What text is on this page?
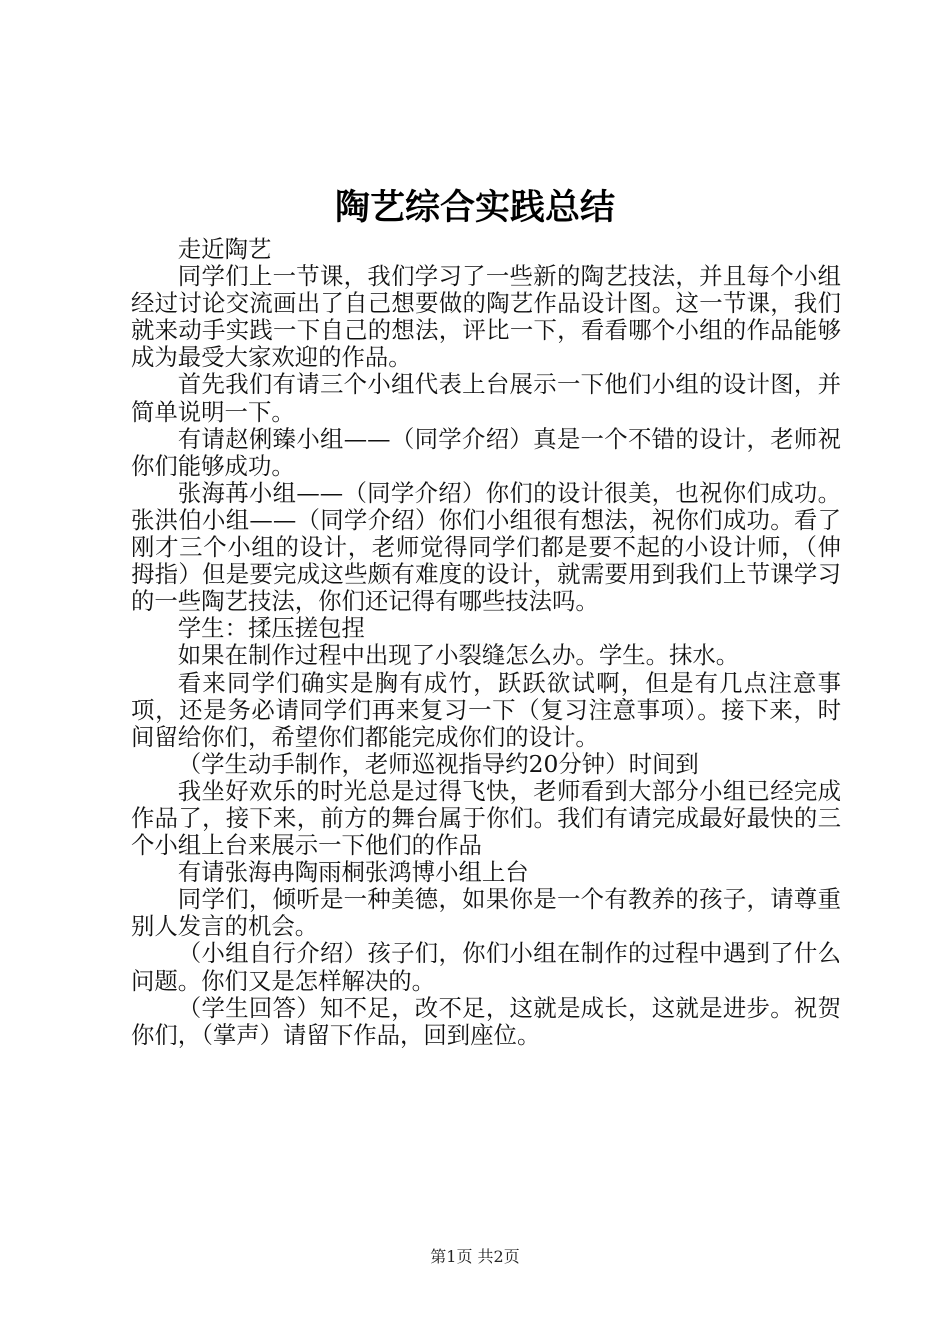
陶艺综合实践总结

走近陶艺

同学们上一节课，我们学习了一些新的陶艺技法，并且每个小组经过讨论交流画出了自己想要做的陶艺作品设计图。这一节课，我们就来动手实践一下自己的想法，评比一下，看看哪个小组的作品能够成为最受大家欢迎的作品。

首先我们有请三个小组代表上台展示一下他们小组的设计图，并简单说明一下。

有请赵俐臻小组——（同学介绍）真是一个不错的设计，老师祝你们能够成功。

张海苒小组——（同学介绍）你们的设计很美，也祝你们成功。张洪伯小组——（同学介绍）你们小组很有想法，祝你们成功。看了刚才三个小组的设计，老师觉得同学们都是要不起的小设计师，（伸拇指）但是要完成这些颇有难度的设计，就需要用到我们上节课学习的一些陶艺技法，你们还记得有哪些技法吗。

学生：揉压搓包捏

如果在制作过程中出现了小裂缝怎么办。学生。抹水。

看来同学们确实是胸有成竹，跃跃欲试啊，但是有几点注意事项，还是务必请同学们再来复习一下（复习注意事项）。接下来，时间留给你们，希望你们都能完成你们的设计。

（学生动手制作，老师巡视指导约20分钟）时间到

我坐好欢乐的时光总是过得飞快，老师看到大部分小组已经完成作品了，接下来，前方的舞台属于你们。我们有请完成最好最快的三个小组上台来展示一下他们的作品

有请张海冉陶雨桐张鸿博小组上台

同学们，倾听是一种美德，如果你是一个有教养的孩子，请尊重别人发言的机会。

（小组自行介绍）孩子们，你们小组在制作的过程中遇到了什么问题。你们又是怎样解决的。

（学生回答）知不足，改不足，这就是成长，这就是进步。祝贺你们，（掌声）请留下作品，回到座位。

第1页 共2页
